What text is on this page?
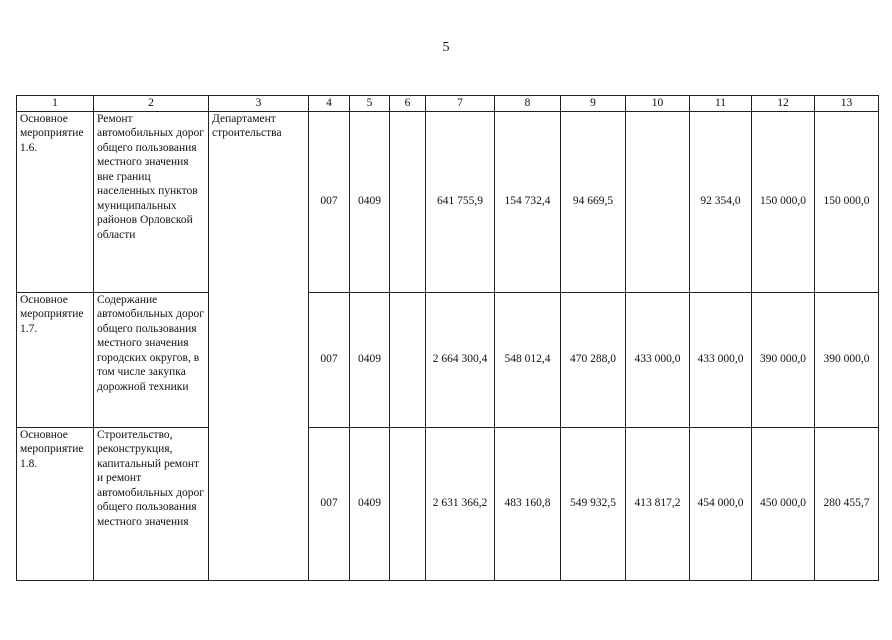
5
1	2	3	4	5	6	7	8	9	10	11	12	13
Основное мероприятие 1.6.	Ремонт автомобильных дорог общего пользования местного значения вне границ населенных пунктов муниципальных районов Орловской области	Департамент строительства	007	0409		641 755,9	154 732,4	94 669,5		92 354,0	150 000,0	150 000,0
Основное мероприятие 1.7.	Содержание автомобильных дорог общего пользования местного значения городских округов, в том числе закупка дорожной техники		007	0409		2 664 300,4	548 012,4	470 288,0	433 000,0	433 000,0	390 000,0	390 000,0
Основное мероприятие 1.8.	Строительство, реконструкция, капитальный ремонт и ремонт автомобильных дорог общего пользования местного значения		007	0409		2 631 366,2	483 160,8	549 932,5	413 817,2	454 000,0	450 000,0	280 455,7
